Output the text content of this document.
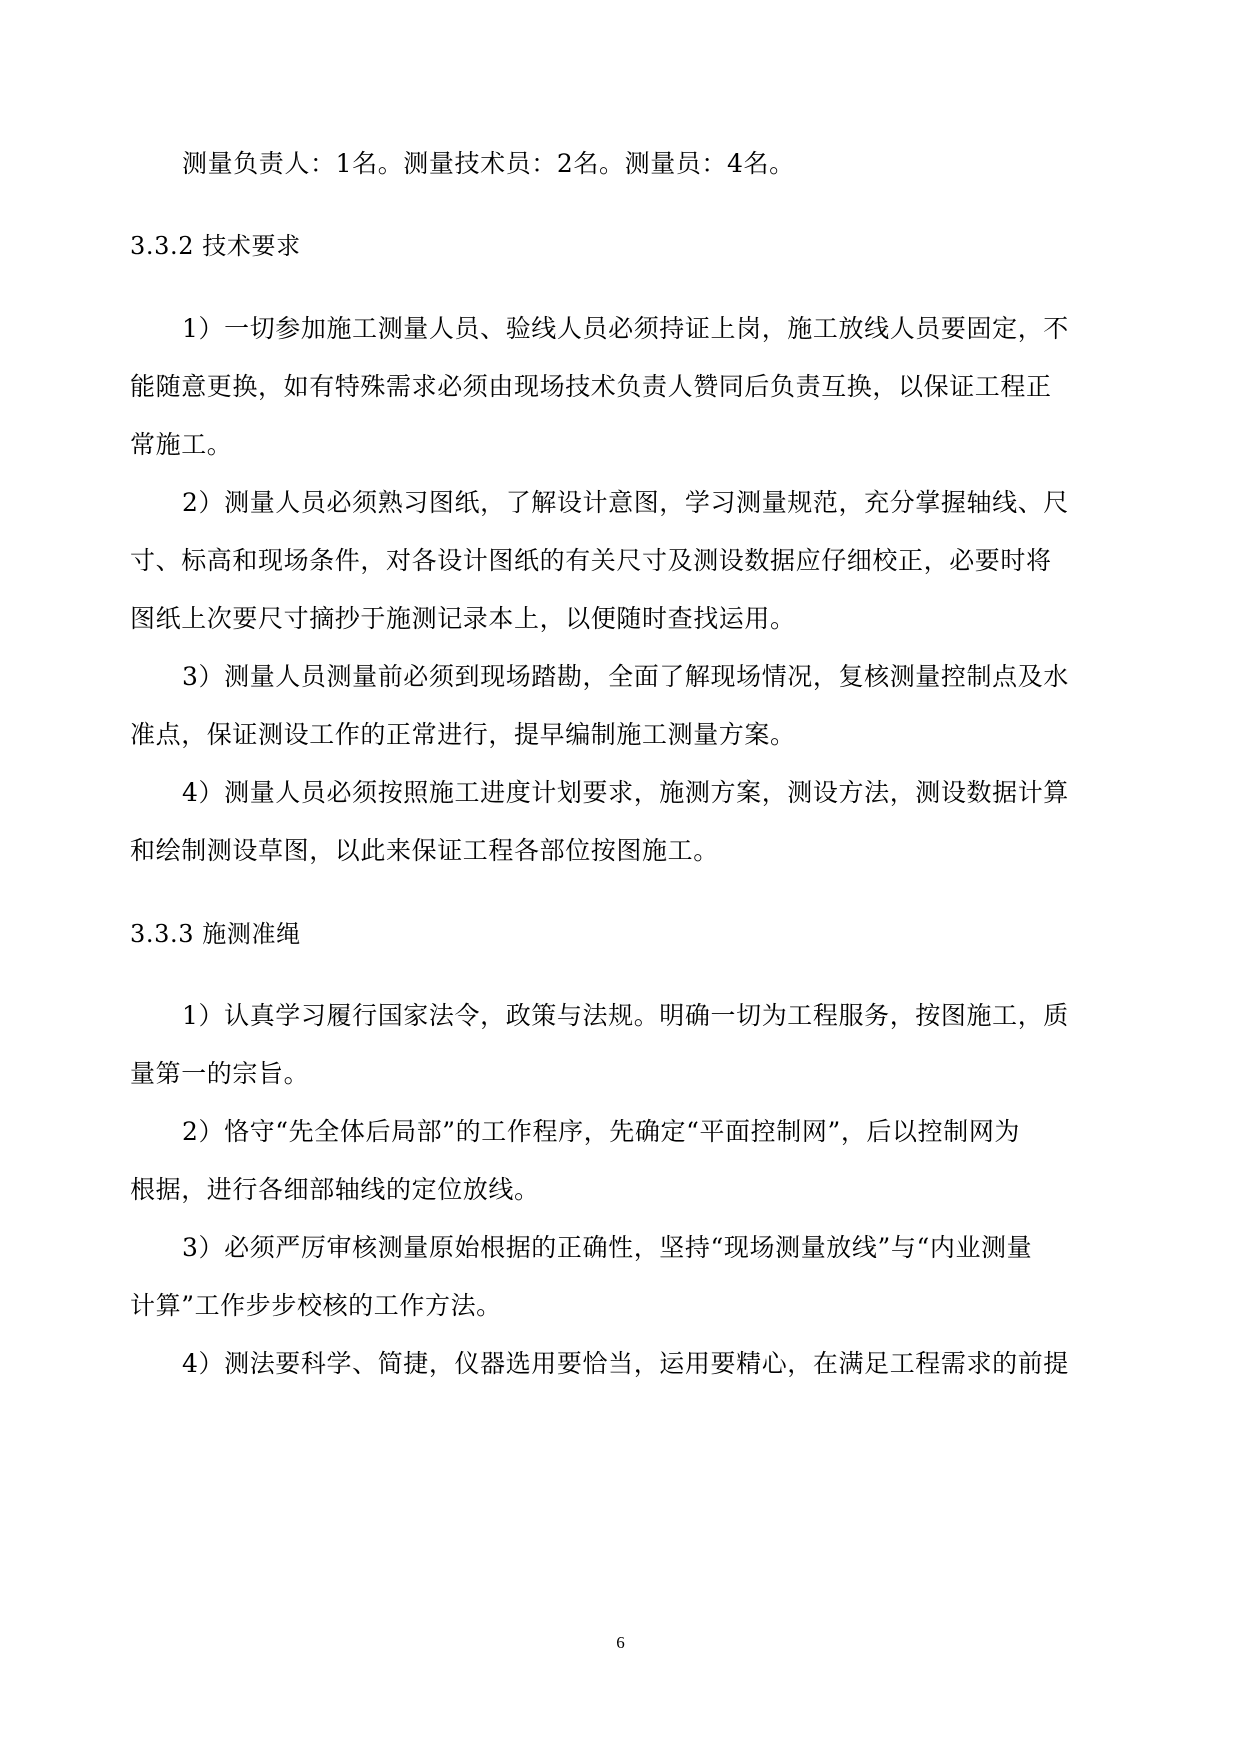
测量负责人：1名。测量技术员：2名。测量员：4名。
3.3.2 技术要求
1）一切参加施工测量人员、验线人员必须持证上岗，施工放线人员要固定，不
能随意更换，如有特殊需求必须由现场技术负责人赞同后负责互换，以保证工程正
常施工。
2）测量人员必须熟习图纸，了解设计意图，学习测量规范，充分掌握轴线、尺
寸、标高和现场条件，对各设计图纸的有关尺寸及测设数据应仔细校正，必要时将
图纸上次要尺寸摘抄于施测记录本上，以便随时查找运用。
3）测量人员测量前必须到现场踏勘，全面了解现场情况，复核测量控制点及水
准点，保证测设工作的正常进行，提早编制施工测量方案。
4）测量人员必须按照施工进度计划要求，施测方案，测设方法，测设数据计算
和绘制测设草图，以此来保证工程各部位按图施工。
3.3.3 施测准绳
1）认真学习履行国家法令，政策与法规。明确一切为工程服务，按图施工，质
量第一的宗旨。
2）恪守“先全体后局部”的工作程序，先确定“平面控制网”，后以控制网为
根据，进行各细部轴线的定位放线。
3）必须严厉审核测量原始根据的正确性，坚持“现场测量放线”与“内业测量
计算”工作步步校核的工作方法。
4）测法要科学、简捷，仪器选用要恰当，运用要精心，在满足工程需求的前提
6
